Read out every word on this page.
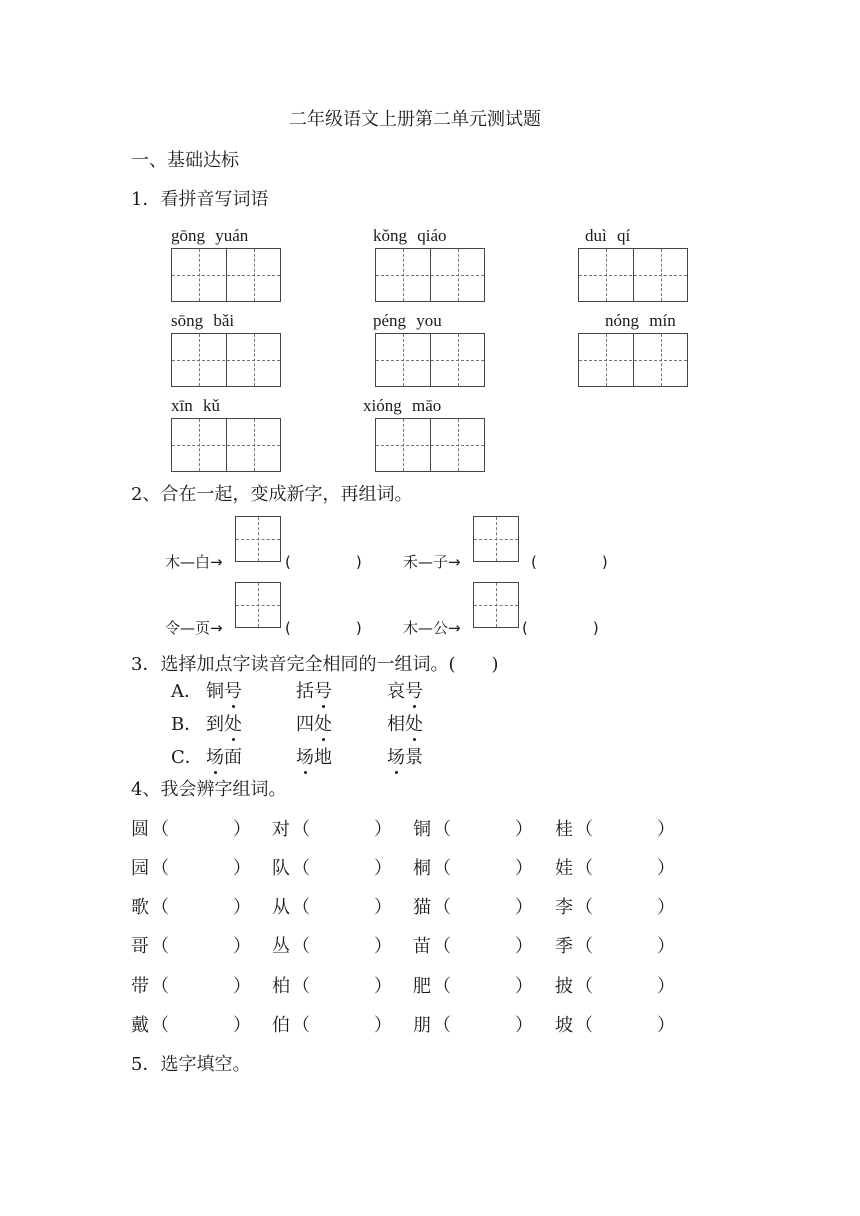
二年级语文上册第二单元测试题
一、基础达标
1．看拼音写词语
gōng yuán	kǒng qiáo	duì qí
sōng bǎi	péng you	nóng mín
xīn kǔ	xióng māo
2、合在一起，变成新字，再组词。
木—白→	(　　　　)	禾—子→	(　　　　)
令—页→	(　　　　)	木—公→	(　　　　)
3．选择加点字读音完全相同的一组词。(　　)
A． 铜号	括号	哀号
B． 到处	四处	相处
C． 场面	场地	场景
4、我会辨字组词。
圆 （	） 对 （	） 铜 （	） 桂 （	）
园 （	） 队 （	） 桐 （	） 娃 （	）
歌 （	） 从 （	） 猫 （	） 李 （	）
哥 （	） 丛 （	） 苗 （	） 季 （	）
带 （	） 柏 （	） 肥 （	） 披 （	）
戴 （	） 伯 （	） 朋 （	） 坡 （	）
5．选字填空。
